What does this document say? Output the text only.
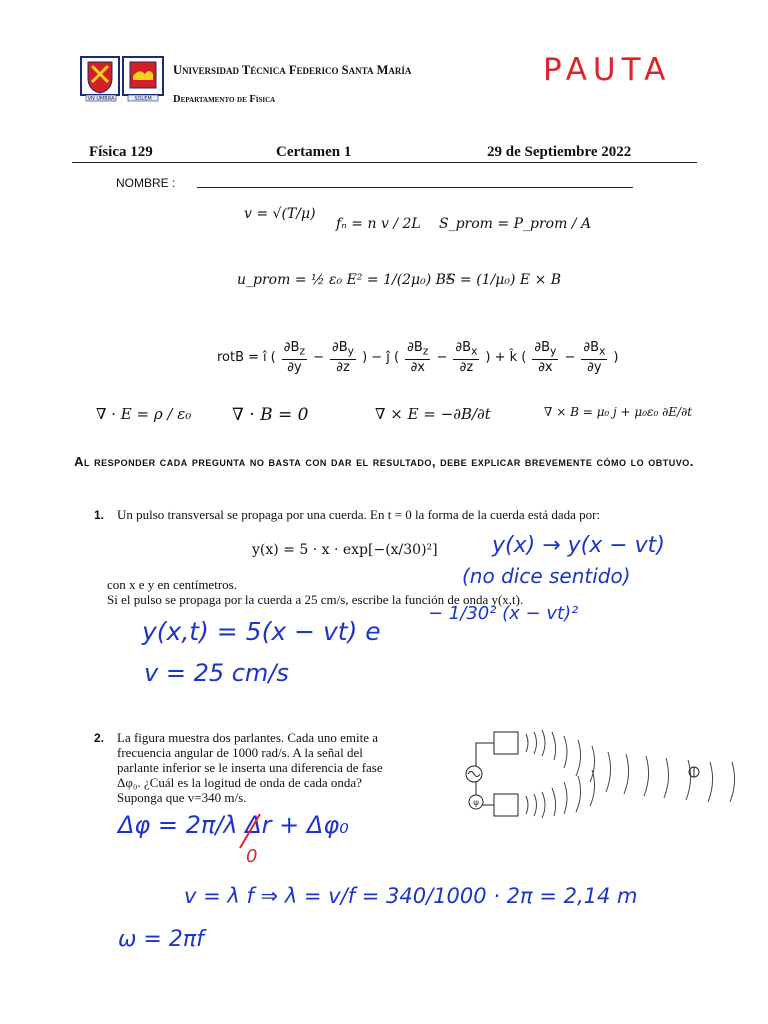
VN UMBRA	SOLEM
Universidad Técnica Federico Santa María
Departamento de Física
PAUTA
Física 129	Certamen 1	29 de Septiembre 2022
NOMBRE :
v = √(T/μ)
fₙ = n v / 2L S_prom = P_prom / A
u_prom = ½ ε₀ E² = 1/(2μ₀) B²
S = (1/μ₀) E × B
rotB = î ( $\frac{\partial B_z}{\partial y} - \frac{\partial B_y}{\partial z}$ ) − ĵ ( $\frac{\partial B_z}{\partial x} - \frac{\partial B_x}{\partial z}$ ) + k̂ ( $\frac{\partial B_y}{\partial x} - \frac{\partial B_x}{\partial y}$ )
∇ · E = ρ / ε₀ ∇ · B = 0	∇ × E = −∂B/∂t	∇ × B = μ₀ j + μ₀ε₀ ∂E/∂t
Al responder cada pregunta no basta con dar el resultado, debe explicar brevemente cómo lo obtuvo.
1. Un pulso transversal se propaga por una cuerda. En t = 0 la forma de la cuerda está dada por:
y(x) = 5 · x · exp[−(x/30)²]
con x e y en centímetros.
Si el pulso se propaga por la cuerda a 25 cm/s, escribe la función de onda y(x,t).
y(x) → y(x − vt)
(no dice sentido)
y(x,t) = 5(x − vt) e
− 1/30² (x − vt)²
v = 25 cm/s
2. La figura muestra dos parlantes. Cada uno emite a
frecuencia angular de 1000 rad/s. A la señal del
parlante inferior se le inserta una diferencia de fase
Δφ₀. ¿Cuál es la logitud de onda de cada onda?
Suponga que v=340 m/s.	φ
Δφ = 2π/λ Δr + Δφ₀
0
v = λ f ⇒ λ = v/f = 340/1000 · 2π = 2,14 m
ω = 2πf
